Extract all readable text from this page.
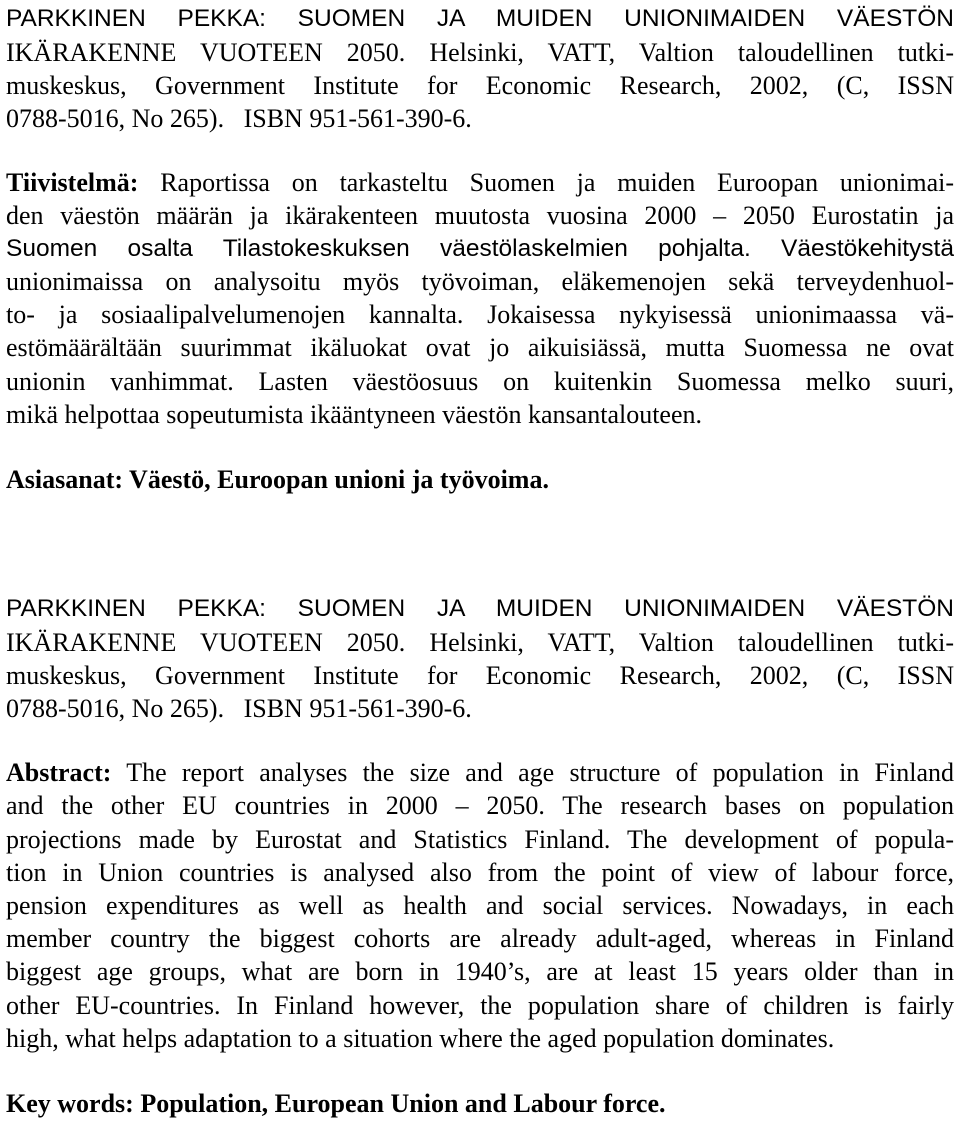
PARKKINEN PEKKA: SUOMEN JA MUIDEN UNIONIMAIDEN VÄESTÖN
IKÄRAKENNE VUOTEEN 2050. Helsinki, VATT, Valtion taloudellinen tutki-
muskeskus, Government Institute for Economic Research, 2002, (C, ISSN
0788-5016, No 265).   ISBN 951-561-390-6.
Tiivistelmä: Raportissa on tarkasteltu Suomen ja muiden Euroopan unionimai-
den väestön määrän ja ikärakenteen muutosta vuosina 2000 – 2050 Eurostatin ja
Suomen osalta Tilastokeskuksen väestölaskelmien pohjalta. Väestökehitystä
unionimaissa on analysoitu myös työvoiman, eläkemenojen sekä terveydenhuol-
to- ja sosiaalipalvelumenojen kannalta. Jokaisessa nykyisessä unionimaassa vä-
estömäärältään suurimmat ikäluokat ovat jo aikuisiässä, mutta Suomessa ne ovat
unionin vanhimmat. Lasten väestöosuus on kuitenkin Suomessa melko suuri,
mikä helpottaa sopeutumista ikääntyneen väestön kansantalouteen.
Asiasanat: Väestö, Euroopan unioni ja työvoima.
PARKKINEN PEKKA: SUOMEN JA MUIDEN UNIONIMAIDEN VÄESTÖN
IKÄRAKENNE VUOTEEN 2050. Helsinki, VATT, Valtion taloudellinen tutki-
muskeskus, Government Institute for Economic Research, 2002, (C, ISSN
0788-5016, No 265).   ISBN 951-561-390-6.
Abstract: The report analyses the size and age structure of population in Finland
and the other EU countries in 2000 – 2050. The research bases on population
projections made by Eurostat and Statistics Finland. The development of popula-
tion in Union countries is analysed also from the point of view of labour force,
pension expenditures as well as health and social services. Nowadays, in each
member country the biggest cohorts are already adult-aged, whereas in Finland
biggest age groups, what are born in 1940’s, are at least 15 years older than in
other EU-countries. In Finland however, the population share of children is fairly
high, what helps adaptation to a situation where the aged population dominates.
Key words: Population, European Union and Labour force.
